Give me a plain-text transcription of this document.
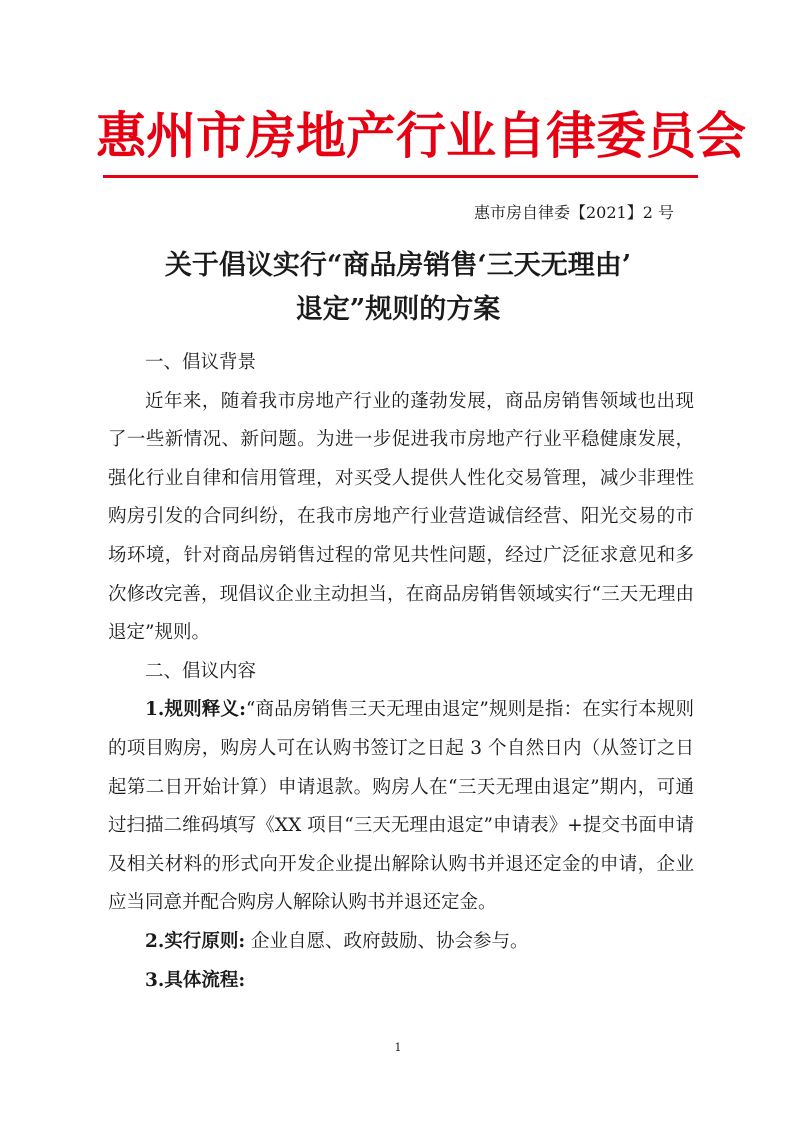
惠州市房地产行业自律委员会
惠市房自律委【2021】2 号
关于倡议实行“商品房销售‘三天无理由’
退定”规则的方案

一、倡议背景

近年来，随着我市房地产行业的蓬勃发展，商品房销售领域也出现了一些新情况、新问题。为进一步促进我市房地产行业平稳健康发展，强化行业自律和信用管理，对买受人提供人性化交易管理，减少非理性购房引发的合同纠纷，在我市房地产行业营造诚信经营、阳光交易的市场环境，针对商品房销售过程的常见共性问题，经过广泛征求意见和多次修改完善，现倡议企业主动担当，在商品房销售领域实行“三天无理由退定”规则。

二、倡议内容

1.规则释义:“商品房销售三天无理由退定”规则是指：在实行本规则的项目购房，购房人可在认购书签订之日起 3 个自然日内（从签订之日起第二日开始计算）申请退款。购房人在“三天无理由退定”期内，可通过扫描二维码填写《XX 项目“三天无理由退定”申请表》+提交书面申请及相关材料的形式向开发企业提出解除认购书并退还定金的申请，企业应当同意并配合购房人解除认购书并退还定金。

2.实行原则: 企业自愿、政府鼓励、协会参与。

3.具体流程:

1
